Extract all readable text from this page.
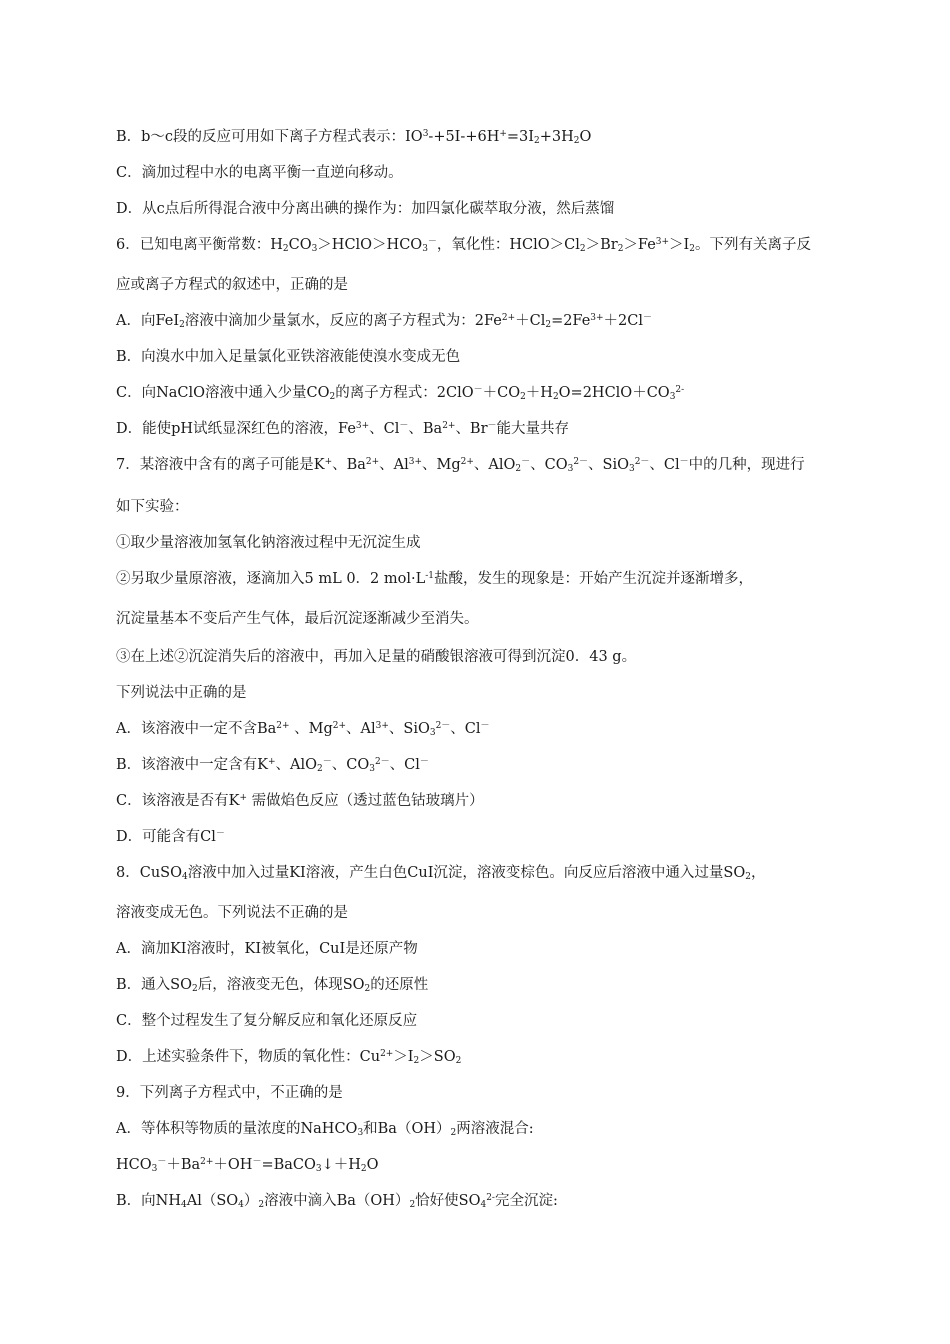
B．b～c段的反应可用如下离子方程式表示：$IO^3-+5I-+6H^+=3I_2+3H_2O$
C．滴加过程中水的电离平衡一直逆向移动。
D．从c点后所得混合液中分离出碘的操作为：加四氯化碳萃取分液，然后蒸馏
6．已知电离平衡常数：$H_2CO_3>HClO>HCO_3^-$，氧化性：$HClO>Cl_2>Br_2>Fe^{3+}>I_2$。下列有关离子反
应或离子方程式的叙述中，正确的是
A．向FeI$_2$溶液中滴加少量氯水，反应的离子方程式为：$2Fe^{2+}+Cl_2=2Fe^{3+}+2Cl^-$
B．向溴水中加入足量氯化亚铁溶液能使溴水变成无色
C．向NaClO溶液中通入少量$CO_2$的离子方程式：$2ClO^-+CO_2+H_2O=2HClO+CO_3^{2-}$
D．能使pH试纸显深红色的溶液，$Fe^{3+}$、Cl－、$Ba^{2+}$、Br－能大量共存
7．某溶液中含有的离子可能是K+、$Ba^{2+}$、$Al^{3+}$、$Mg^{2+}$、AlO$_2$－、$CO_3^{2-}$、SiO$_3^{2-}$、Cl－中的几种，现进行
如下实验：
①取少量溶液加氢氧化钠溶液过程中无沉淀生成
②另取少量原溶液，逐滴加入5 mL 0．2 $mol\cdot L^{-1}$盐酸，发生的现象是：开始产生沉淀并逐渐增多，
沉淀量基本不变后产生气体，最后沉淀逐渐减少至消失。
③在上述②沉淀消失后的溶液中，再加入足量的硝酸银溶液可得到沉淀0．43 g。
下列说法中正确的是
A．该溶液中一定不含$Ba^{2+}$ 、$Mg^{2+}$、$Al^{3+}$、SiO$_3^{2-}$、Cl－
B．该溶液中一定含有K+、AlO$_2$－、$CO_3^{2-}$、Cl－
C．该溶液是否有K+ 需做焰色反应（透过蓝色钴玻璃片）
D．可能含有Cl－
8．CuSO$_4$溶液中加入过量KI溶液，产生白色CuI沉淀，溶液变棕色。向反应后溶液中通入过量$SO_2$，
溶液变成无色。下列说法不正确的是
A．滴加KI溶液时，KI被氧化，CuI是还原产物
B．通入$SO_2$后，溶液变无色，体现$SO_2$的还原性
C．整个过程发生了复分解反应和氧化还原反应
D．上述实验条件下，物质的氧化性：$Cu^{2+}>I_2>SO_2$
9．下列离子方程式中，不正确的是
A．等体积等物质的量浓度的NaHCO$_3$和$Ba(OH)_2$两溶液混合:
$HCO_3^-+Ba^{2+}+OH^-=BaCO_3↓+H_2O$
B．向$NH_4Al(SO_4)_2$溶液中滴入$Ba(OH)_2$恰好使$SO_4^{2-}$完全沉淀:
